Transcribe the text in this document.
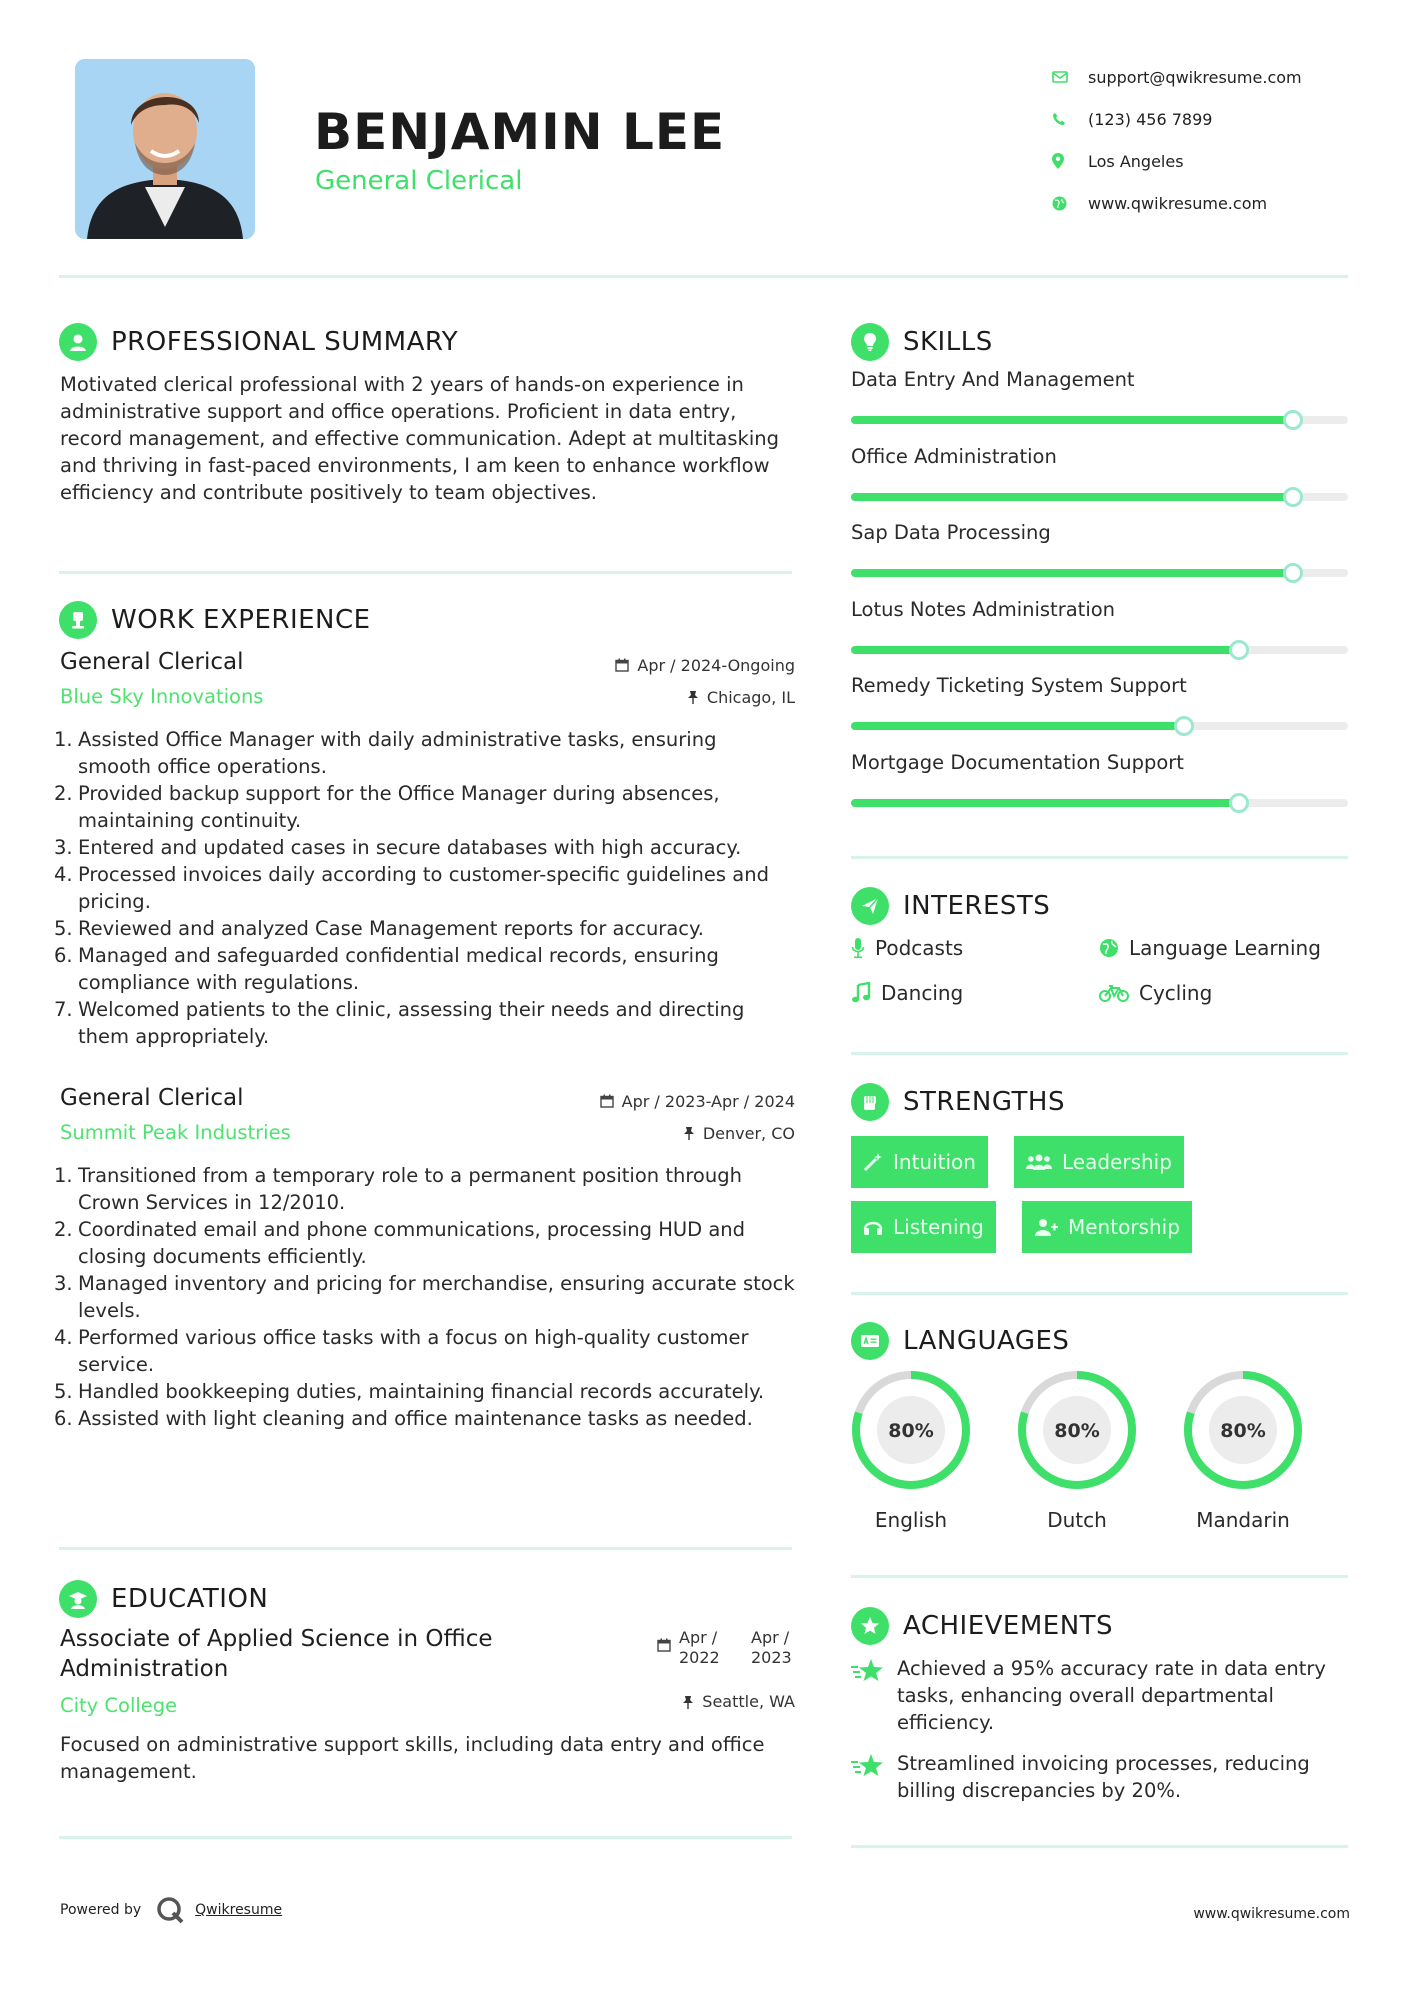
BENJAMIN LEE
General Clerical
support@qwikresume.com
(123) 456 7899
Los Angeles
www.qwikresume.com
PROFESSIONAL SUMMARY
Motivated clerical professional with 2 years of hands-on experience in administrative support and office operations. Proficient in data entry, record management, and effective communication. Adept at multitasking and thriving in fast-paced environments, I am keen to enhance workflow efficiency and contribute positively to team objectives.
WORK EXPERIENCE
General Clerical
Blue Sky Innovations
Apr / 2024-Ongoing
Chicago, IL
1. Assisted Office Manager with daily administrative tasks, ensuring smooth office operations.
2. Provided backup support for the Office Manager during absences, maintaining continuity.
3. Entered and updated cases in secure databases with high accuracy.
4. Processed invoices daily according to customer-specific guidelines and pricing.
5. Reviewed and analyzed Case Management reports for accuracy.
6. Managed and safeguarded confidential medical records, ensuring compliance with regulations.
7. Welcomed patients to the clinic, assessing their needs and directing them appropriately.
General Clerical
Summit Peak Industries
Apr / 2023-Apr / 2024
Denver, CO
1. Transitioned from a temporary role to a permanent position through Crown Services in 12/2010.
2. Coordinated email and phone communications, processing HUD and closing documents efficiently.
3. Managed inventory and pricing for merchandise, ensuring accurate stock levels.
4. Performed various office tasks with a focus on high-quality customer service.
5. Handled bookkeeping duties, maintaining financial records accurately.
6. Assisted with light cleaning and office maintenance tasks as needed.
EDUCATION
Associate of Applied Science in Office Administration
City College
Apr / 2022
Apr / 2023
Seattle, WA
Focused on administrative support skills, including data entry and office management.
SKILLS
Data Entry And Management
Office Administration
Sap Data Processing
Lotus Notes Administration
Remedy Ticketing System Support
Mortgage Documentation Support
INTERESTS
Podcasts	Language Learning
Dancing	Cycling
STRENGTHS
Intuition	Leadership
Listening	Mentorship
LANGUAGES
80%
English
80%
Dutch
80%
Mandarin
ACHIEVEMENTS
Achieved a 95% accuracy rate in data entry tasks, enhancing overall departmental efficiency.
Streamlined invoicing processes, reducing billing discrepancies by 20%.
Powered by	Qwikresume	www.qwikresume.com
